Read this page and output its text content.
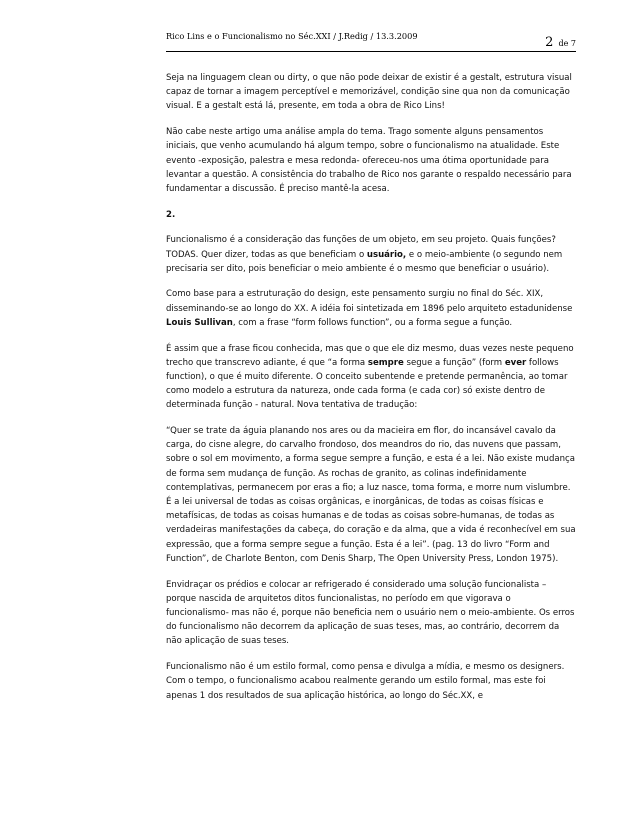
Rico Lins e o Funcionalismo no Séc.XXI / J.Redig / 13.3.2009	2 de 7

Seja na linguagem clean ou dirty, o que não pode deixar de existir é a gestalt, estrutura visual capaz de tornar a imagem perceptível e memorizável, condição sine qua non da comunicação visual. E a gestalt está lá, presente, em toda a obra de Rico Lins!

Não cabe neste artigo uma análise ampla do tema. Trago somente alguns pensamentos iniciais, que venho acumulando há algum tempo, sobre o funcionalismo na atualidade. Este evento -exposição, palestra e mesa redonda- ofereceu-nos uma ótima oportunidade para levantar a questão. A consistência do trabalho de Rico nos garante o respaldo necessário para fundamentar a discussão. É preciso mantê-la acesa.

2.

Funcionalismo é a consideração das funções de um objeto, em seu projeto. Quais funções? TODAS. Quer dizer, todas as que beneficiam o usuário, e o meio-ambiente (o segundo nem precisaria ser dito, pois beneficiar o meio ambiente é o mesmo que beneficiar o usuário).

Como base para a estruturação do design, este pensamento surgiu no final do Séc. XIX, disseminando-se ao longo do XX. A idéia foi sintetizada em 1896 pelo arquiteto estadunidense Louis Sullivan, com a frase “form follows function”, ou a forma segue a função.

É assim que a frase ficou conhecida, mas que o que ele diz mesmo, duas vezes neste pequeno trecho que transcrevo adiante, é que “a forma sempre segue a função” (form ever follows function), o que é muito diferente. O conceito subentende e pretende permanência, ao tomar como modelo a estrutura da natureza, onde cada forma (e cada cor) só existe dentro de determinada função - natural. Nova tentativa de tradução:

“Quer se trate da águia planando nos ares ou da macieira em flor, do incansável cavalo da carga, do cisne alegre, do carvalho frondoso, dos meandros do rio, das nuvens que passam, sobre o sol em movimento, a forma segue sempre a função, e esta é a lei. Não existe mudança de forma sem mudança de função. As rochas de granito, as colinas indefinidamente contemplativas, permanecem por eras a fio; a luz nasce, toma forma, e morre num vislumbre. É a lei universal de todas as coisas orgânicas, e inorgânicas, de todas as coisas físicas e metafísicas, de todas as coisas humanas e de todas as coisas sobre-humanas, de todas as verdadeiras manifestações da cabeça, do coração e da alma, que a vida é reconhecível em sua expressão, que a forma sempre segue a função. Esta é a lei”. (pag. 13 do livro “Form and Function”, de Charlote Benton, com Denis Sharp, The Open University Press, London 1975).

Envidraçar os prédios e colocar ar refrigerado é considerado uma solução funcionalista –porque nascida de arquitetos ditos funcionalistas, no período em que vigorava o funcionalismo- mas não é, porque não beneficia nem o usuário nem o meio-ambiente. Os erros do funcionalismo não decorrem da aplicação de suas teses, mas, ao contrário, decorrem da não aplicação de suas teses.

Funcionalismo não é um estilo formal, como pensa e divulga a mídia, e mesmo os designers. Com o tempo, o funcionalismo acabou realmente gerando um estilo formal, mas este foi apenas 1 dos resultados de sua aplicação histórica, ao longo do Séc.XX, e
